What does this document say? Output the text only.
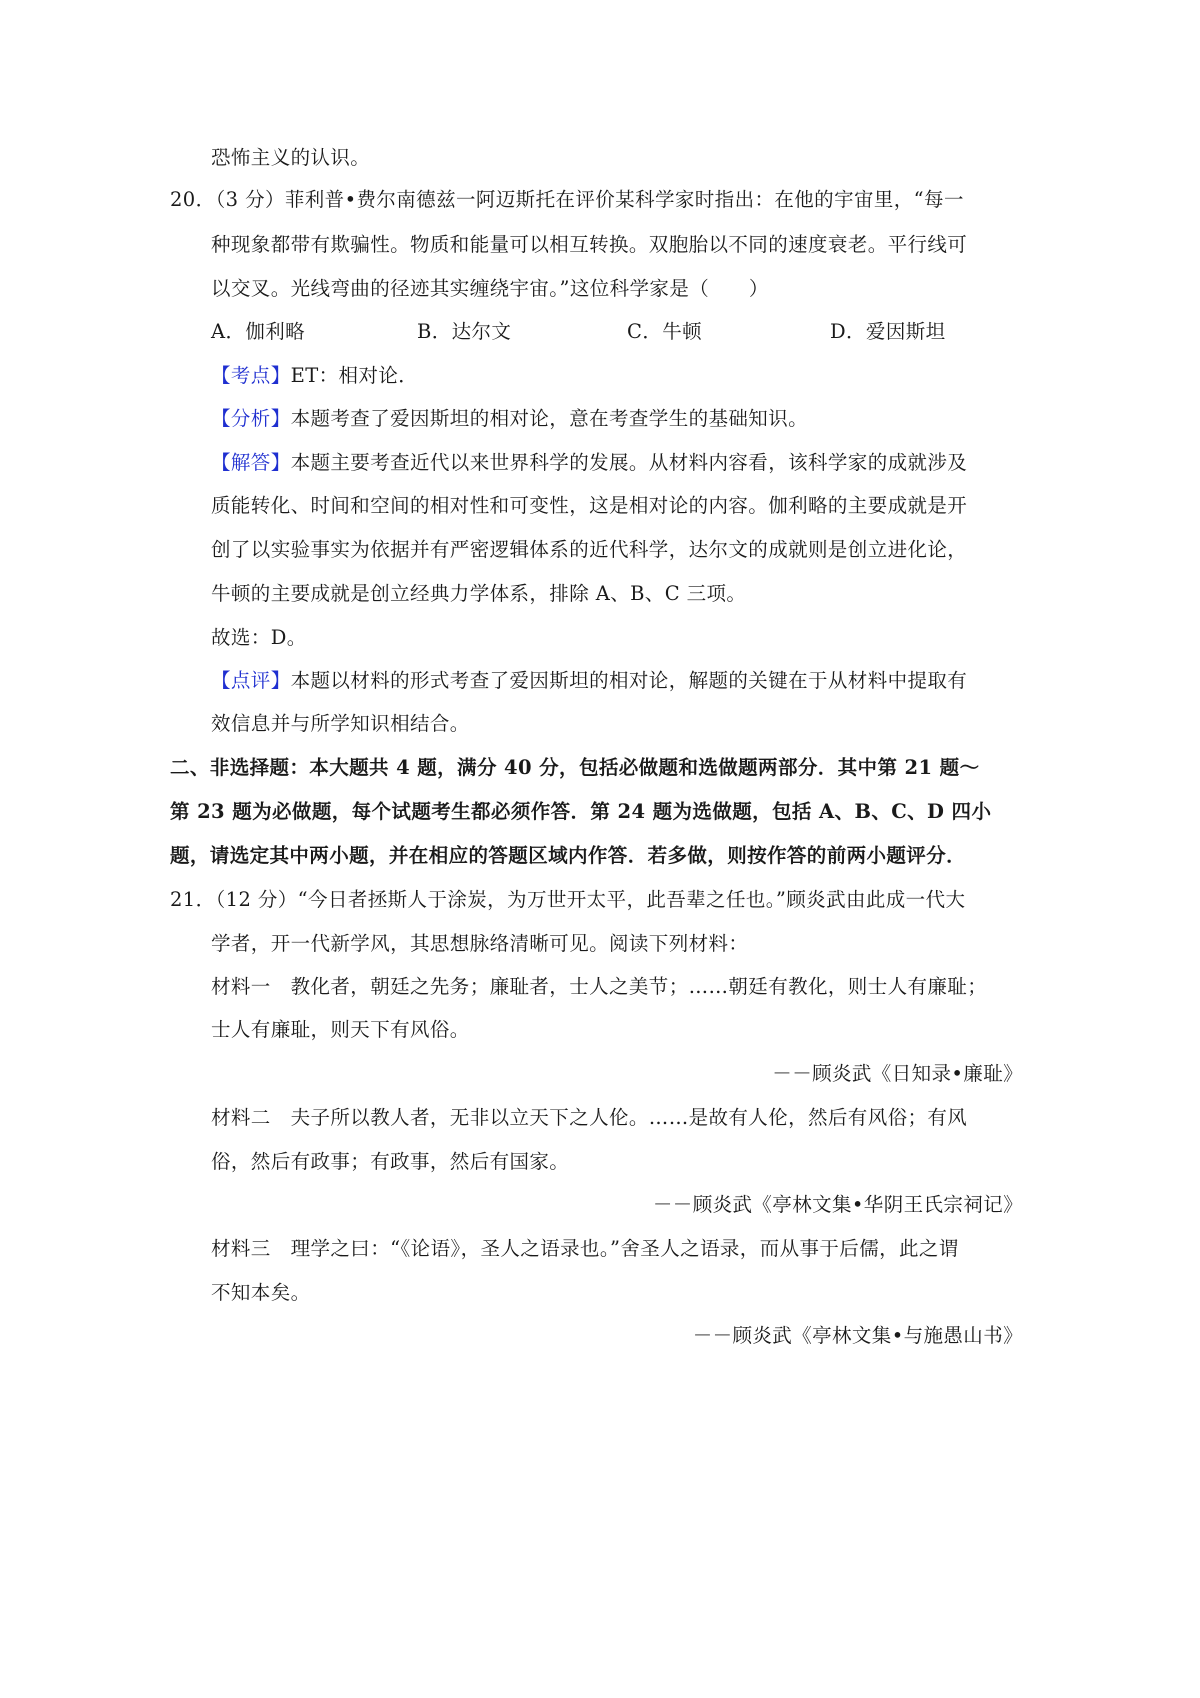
恐怖主义的认识。
20．（3 分）菲利普•费尔南德兹一阿迈斯托在评价某科学家时指出：在他的宇宙里，“每一
种现象都带有欺骗性。物质和能量可以相互转换。双胞胎以不同的速度衰老。平行线可
以交叉。光线弯曲的径迹其实缠绕宇宙。”这位科学家是（　　）
A．伽利略	B．达尔文	C．牛顿	D．爱因斯坦
【考点】ET：相对论．
【分析】本题考查了爱因斯坦的相对论，意在考查学生的基础知识。
【解答】本题主要考查近代以来世界科学的发展。从材料内容看，该科学家的成就涉及
质能转化、时间和空间的相对性和可变性，这是相对论的内容。伽利略的主要成就是开
创了以实验事实为依据并有严密逻辑体系的近代科学，达尔文的成就则是创立进化论，
牛顿的主要成就是创立经典力学体系，排除 A、B、C 三项。
故选：D。
【点评】本题以材料的形式考查了爱因斯坦的相对论，解题的关键在于从材料中提取有
效信息并与所学知识相结合。
二、非选择题：本大题共 4 题，满分 40 分，包括必做题和选做题两部分．其中第 21 题～
第 23 题为必做题，每个试题考生都必须作答．第 24 题为选做题，包括 A、B、C、D 四小
题，请选定其中两小题，并在相应的答题区域内作答．若多做，则按作答的前两小题评分．
21．（12 分）“今日者拯斯人于涂炭，为万世开太平，此吾辈之任也。”顾炎武由此成一代大
学者，开一代新学风，其思想脉络清晰可见。阅读下列材料：
材料一　教化者，朝廷之先务；廉耻者，士人之美节；……朝廷有教化，则士人有廉耻；
士人有廉耻，则天下有风俗。
－－顾炎武《日知录•廉耻》
材料二　夫子所以教人者，无非以立天下之人伦。……是故有人伦，然后有风俗；有风
俗，然后有政事；有政事，然后有国家。
－－顾炎武《亭林文集•华阴王氏宗祠记》
材料三　理学之曰：“《论语》，圣人之语录也。”舍圣人之语录，而从事于后儒，此之谓
不知本矣。
－－顾炎武《亭林文集•与施愚山书》
